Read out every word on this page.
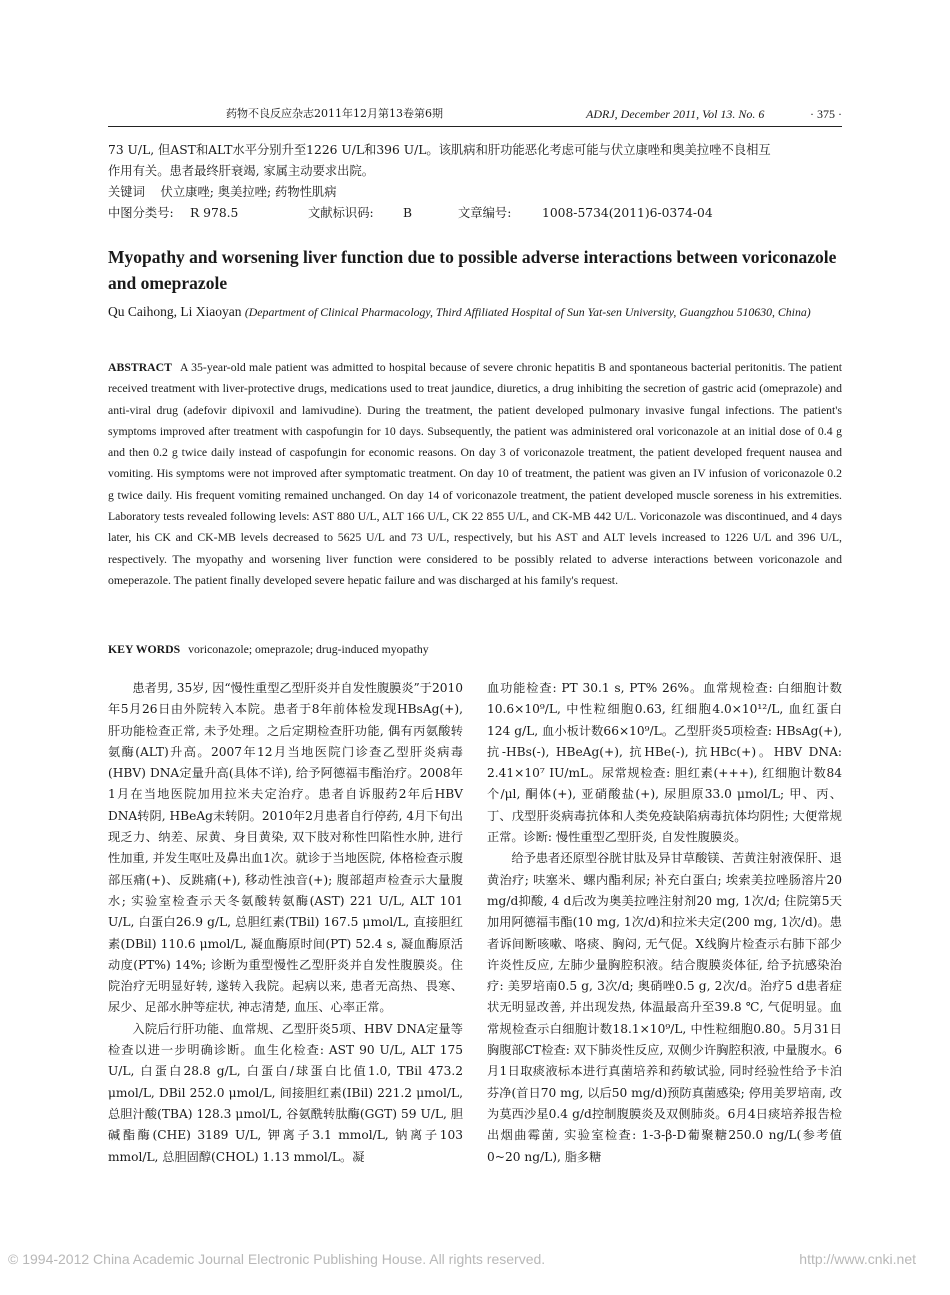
药物不良反应杂志2011年12月第13卷第6期	ADRJ, December 2011, Vol 13. No. 6	· 375 ·
73 U/L, 但AST和ALT水平分别升至1226 U/L和396 U/L。该肌病和肝功能恶化考虑可能与伏立康唑和奥美拉唑不良相互
作用有关。患者最终肝衰竭, 家属主动要求出院。
关键词 伏立康唑; 奥美拉唑; 药物性肌病
中图分类号:	R 978.5	文献标识码:	B	文章编号:	1008-5734(2011)6-0374-04
Myopathy and worsening liver function due to possible adverse interactions between voriconazole and omeprazole
Qu Caihong, Li Xiaoyan (Department of Clinical Pharmacology, Third Affiliated Hospital of Sun Yat-sen University, Guangzhou 510630, China)
ABSTRACT A 35-year-old male patient was admitted to hospital because of severe chronic hepatitis B and spontaneous bacterial peritonitis. The patient received treatment with liver-protective drugs, medications used to treat jaundice, diuretics, a drug inhibiting the secretion of gastric acid (omeprazole) and anti-viral drug (adefovir dipivoxil and lamivudine). During the treatment, the patient developed pulmonary invasive fungal infections. The patient's symptoms improved after treatment with caspofungin for 10 days. Subsequently, the patient was administered oral voriconazole at an initial dose of 0.4 g and then 0.2 g twice daily instead of caspofungin for economic reasons. On day 3 of voriconazole treatment, the patient developed frequent nausea and vomiting. His symptoms were not improved after symptomatic treatment. On day 10 of treatment, the patient was given an IV infusion of voriconazole 0.2 g twice daily. His frequent vomiting remained unchanged. On day 14 of voriconazole treatment, the patient developed muscle soreness in his extremities. Laboratory tests revealed following levels: AST 880 U/L, ALT 166 U/L, CK 22 855 U/L, and CK-MB 442 U/L. Voriconazole was discontinued, and 4 days later, his CK and CK-MB levels decreased to 5625 U/L and 73 U/L, respectively, but his AST and ALT levels increased to 1226 U/L and 396 U/L, respectively. The myopathy and worsening liver function were considered to be possibly related to adverse interactions between voriconazole and omeperazole. The patient finally developed severe hepatic failure and was discharged at his family's request.
KEY WORDS voriconazole; omeprazole; drug-induced myopathy

患者男, 35岁, 因“慢性重型乙型肝炎并自发性腹膜炎”于2010年5月26日由外院转入本院。患者于8年前体检发现HBsAg(+), 肝功能检查正常, 未予处理。之后定期检查肝功能, 偶有丙氨酸转氨酶(ALT)升高。2007年12月当地医院门诊查乙型肝炎病毒(HBV) DNA定量升高(具体不详), 给予阿德福韦酯治疗。2008年1月在当地医院加用拉米夫定治疗。患者自诉服药2年后HBV DNA转阴, HBeAg未转阴。2010年2月患者自行停药, 4月下旬出现乏力、纳差、尿黄、身目黄染, 双下肢对称性凹陷性水肿, 进行性加重, 并发生呕吐及鼻出血1次。就诊于当地医院, 体格检查示腹部压痛(+)、反跳痛(+), 移动性浊音(+); 腹部超声检查示大量腹水; 实验室检查示天冬氨酸转氨酶(AST) 221 U/L, ALT 101 U/L, 白蛋白26.9 g/L, 总胆红素(TBil) 167.5 μmol/L, 直接胆红素(DBil) 110.6 μmol/L, 凝血酶原时间(PT) 52.4 s, 凝血酶原活动度(PT%) 14%; 诊断为重型慢性乙型肝炎并自发性腹膜炎。住院治疗无明显好转, 遂转入我院。起病以来, 患者无高热、畏寒、尿少、足部水肿等症状, 神志清楚, 血压、心率正常。

入院后行肝功能、血常规、乙型肝炎5项、HBV DNA定量等检查以进一步明确诊断。血生化检查: AST 90 U/L, ALT 175 U/L, 白蛋白28.8 g/L, 白蛋白/球蛋白比值1.0, TBil 473.2 μmol/L, DBil 252.0 μmol/L, 间接胆红素(IBil) 221.2 μmol/L, 总胆汁酸(TBA) 128.3 μmol/L, 谷氨酰转肽酶(GGT) 59 U/L, 胆碱酯酶(CHE) 3189 U/L, 钾离子3.1 mmol/L, 钠离子103 mmol/L, 总胆固醇(CHOL) 1.13 mmol/L。凝

血功能检查: PT 30.1 s, PT% 26%。血常规检查: 白细胞计数10.6×10⁹/L, 中性粒细胞0.63, 红细胞4.0×10¹²/L, 血红蛋白124 g/L, 血小板计数66×10⁹/L。乙型肝炎5项检查: HBsAg(+), 抗-HBs(-), HBeAg(+), 抗HBe(-), 抗HBc(+)。HBV DNA: 2.41×10⁷ IU/mL。尿常规检查: 胆红素(+++), 红细胞计数84个/μl, 酮体(+), 亚硝酸盐(+), 尿胆原33.0 μmol/L; 甲、丙、丁、戊型肝炎病毒抗体和人类免疫缺陷病毒抗体均阴性; 大便常规正常。诊断: 慢性重型乙型肝炎, 自发性腹膜炎。

给予患者还原型谷胱甘肽及异甘草酸镁、苦黄注射液保肝、退黄治疗; 呋塞米、螺内酯利尿; 补充白蛋白; 埃索美拉唑肠溶片20 mg/d抑酸, 4 d后改为奥美拉唑注射剂20 mg, 1次/d; 住院第5天加用阿德福韦酯(10 mg, 1次/d)和拉米夫定(200 mg, 1次/d)。患者诉间断咳嗽、咯痰、胸闷, 无气促。X线胸片检查示右肺下部少许炎性反应, 左肺少量胸腔积液。结合腹膜炎体征, 给予抗感染治疗: 美罗培南0.5 g, 3次/d; 奥硝唑0.5 g, 2次/d。治疗5 d患者症状无明显改善, 并出现发热, 体温最高升至39.8 ℃, 气促明显。血常规检查示白细胞计数18.1×10⁹/L, 中性粒细胞0.80。5月31日胸腹部CT检查: 双下肺炎性反应, 双侧少许胸腔积液, 中量腹水。6月1日取痰液标本进行真菌培养和药敏试验, 同时经验性给予卡泊芬净(首日70 mg, 以后50 mg/d)预防真菌感染; 停用美罗培南, 改为莫西沙星0.4 g/d控制腹膜炎及双侧肺炎。6月4日痰培养报告检出烟曲霉菌, 实验室检查: 1-3-β-D葡聚糖250.0 ng/L(参考值0~20 ng/L), 脂多糖

© 1994-2012 China Academic Journal Electronic Publishing House. All rights reserved.	http://www.cnki.net
